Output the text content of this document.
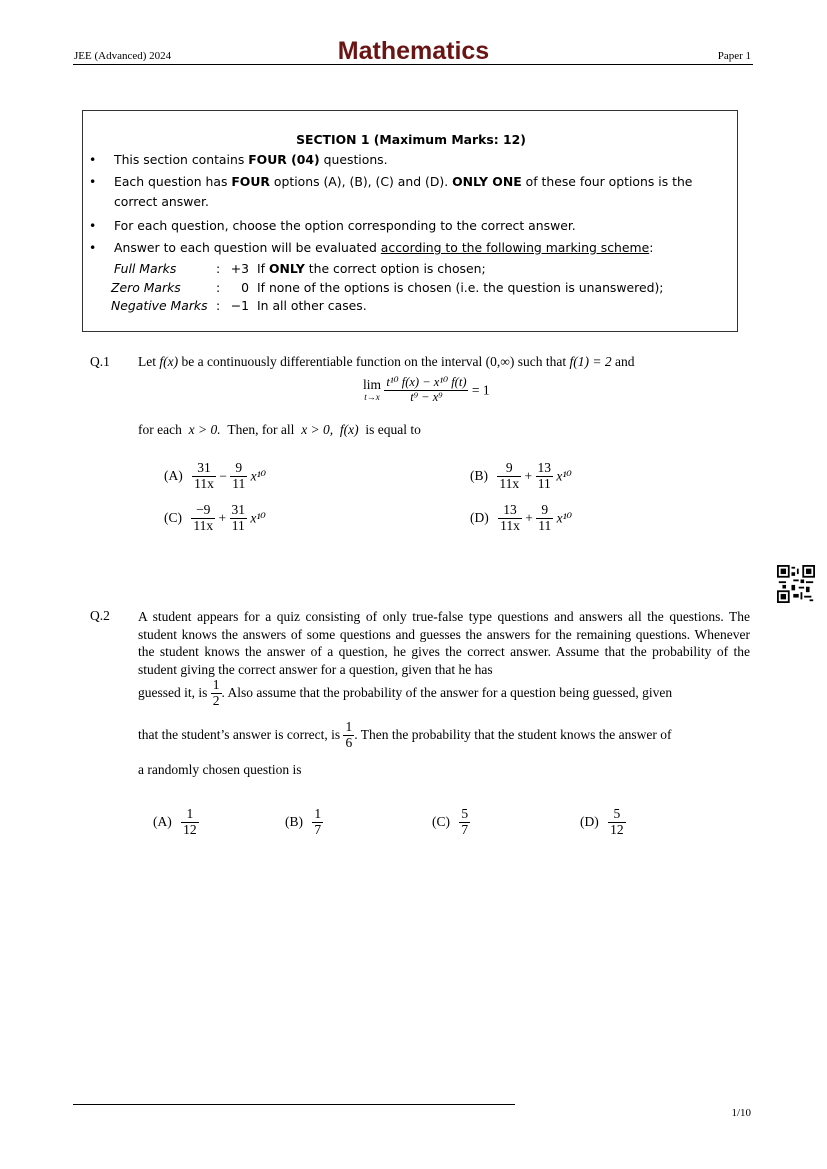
JEE (Advanced) 2024	Mathematics	Paper 1
SECTION 1 (Maximum Marks: 12)
• This section contains FOUR (04) questions.
• Each question has FOUR options (A), (B), (C) and (D). ONLY ONE of these four options is the correct answer.
• For each question, choose the option corresponding to the correct answer.
• Answer to each question will be evaluated according to the following marking scheme:
Full Marks	: +3 If ONLY the correct option is chosen;
Zero Marks	:	0 If none of the options is chosen (i.e. the question is unanswered);
Negative Marks : −1 In all other cases.
Q.1 Let f(x) be a continuously differentiable function on the interval (0,∞) such that f(1) = 2 and
lim
t→x
$\frac{\text{t¹⁰ f(x) − x¹⁰ f(t)}}{\text{t⁹ − x⁹}} = 1$
for each x > 0. Then, for all x > 0, f(x) is equal to
$(A) \frac{31}{11x} - \frac{9}{11} x^{10}$	$(B) \frac{9}{11x} + \frac{13}{11} x^{10}$
$(C) \frac{-9}{11x} + \frac{31}{11} x^{10}$	$(D) \frac{13}{11x} + \frac{9}{11} x^{10}$
Q.2 A student appears for a quiz consisting of only true-false type questions and answers all the questions. The student knows the answers of some questions and guesses the answers for the remaining questions. Whenever the student knows the answer of a question, he gives the correct answer. Assume that the probability of the student giving the correct answer for a question, given that he has
guessed it, is
$\frac{1}{2}$ . Also assume that the probability of the answer for a question being guessed, given
that the student’s answer is correct, is
$\frac{1}{6}$ . Then the probability that the student knows the answer of
a randomly chosen question is
$(A) \frac{1}{12}$	$(B) \frac{1}{7}$	$(C) \frac{5}{7}$	$(D) \frac{5}{12}$
1/10
